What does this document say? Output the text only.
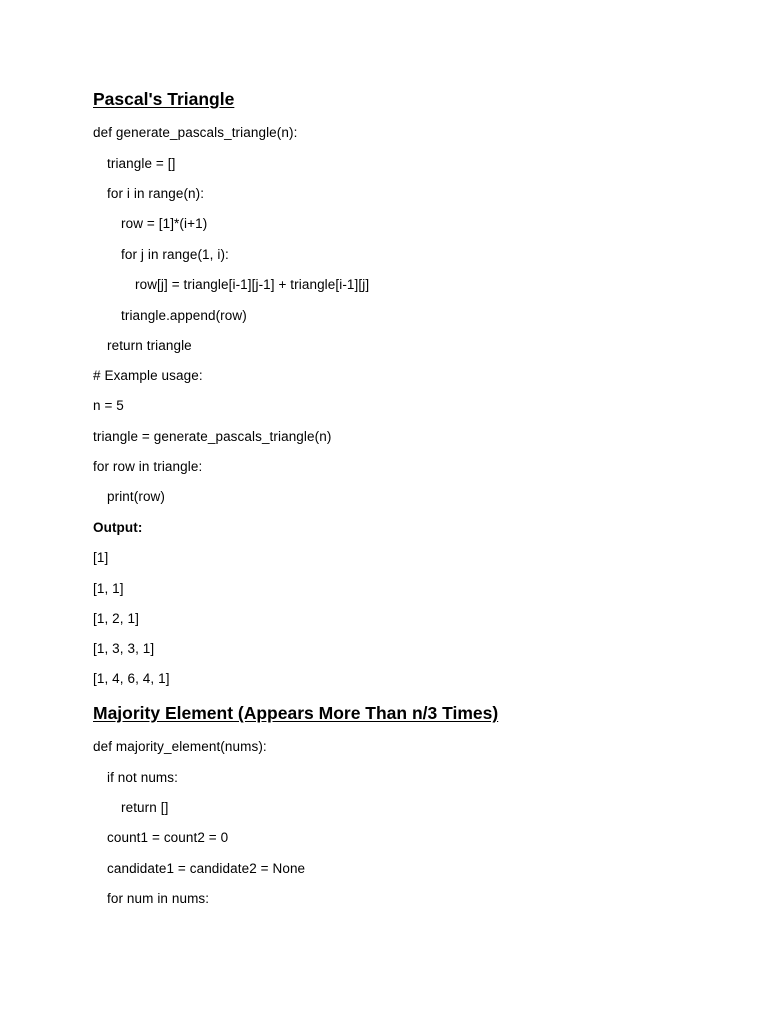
Pascal's Triangle
def generate_pascals_triangle(n):
triangle = []
for i in range(n):
row = [1]*(i+1)
for j in range(1, i):
row[j] = triangle[i-1][j-1] + triangle[i-1][j]
triangle.append(row)
return triangle
# Example usage:
n = 5
triangle = generate_pascals_triangle(n)
for row in triangle:
print(row)
Output:
[1]
[1, 1]
[1, 2, 1]
[1, 3, 3, 1]
[1, 4, 6, 4, 1]
Majority Element (Appears More Than n/3 Times)
def majority_element(nums):
if not nums:
return []
count1 = count2 = 0
candidate1 = candidate2 = None
for num in nums:
